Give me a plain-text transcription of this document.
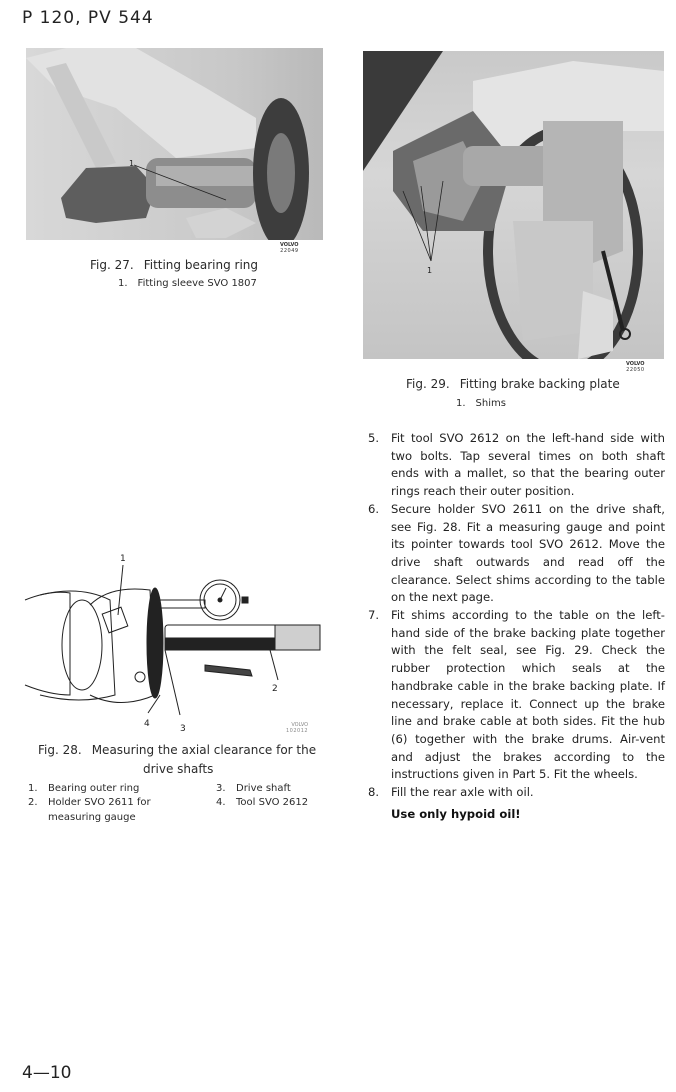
P 120, PV 544
1
VOLVO
22049
Fig. 27. Fitting bearing ring
1. Fitting sleeve SVO 1807
1
VOLVO
22050
Fig. 29. Fitting brake backing plate
1. Shims
1
2
3
4	VOLVO
102012
Fig. 28. Measuring the axial clearance for the
drive shafts
1. Bearing outer ring
2.	Holder SVO 2611 for measuring gauge
3. Drive shaft
4. Tool SVO 2612
5. Fit tool SVO 2612 on the left-hand side with two bolts. Tap several times on both shaft ends with a mallet, so that the bearing outer rings reach their outer position.
6. Secure holder SVO 2611 on the drive shaft, see Fig. 28. Fit a measuring gauge and point its pointer towards tool SVO 2612. Move the drive shaft outwards and read off the clearance. Select shims according to the table on the next page.
7. Fit shims according to the table on the left-hand side of the brake backing plate together with the felt seal, see Fig. 29. Check the rubber protection which seals at the handbrake cable in the brake backing plate. If necessary, replace it. Connect up the brake line and brake cable at both sides. Fit the hub (6) together with the brake drums. Air-vent and adjust the brakes according to the instructions given in Part 5. Fit the wheels.
8. Fill the rear axle with oil.
Use only hypoid oil!
4—10
